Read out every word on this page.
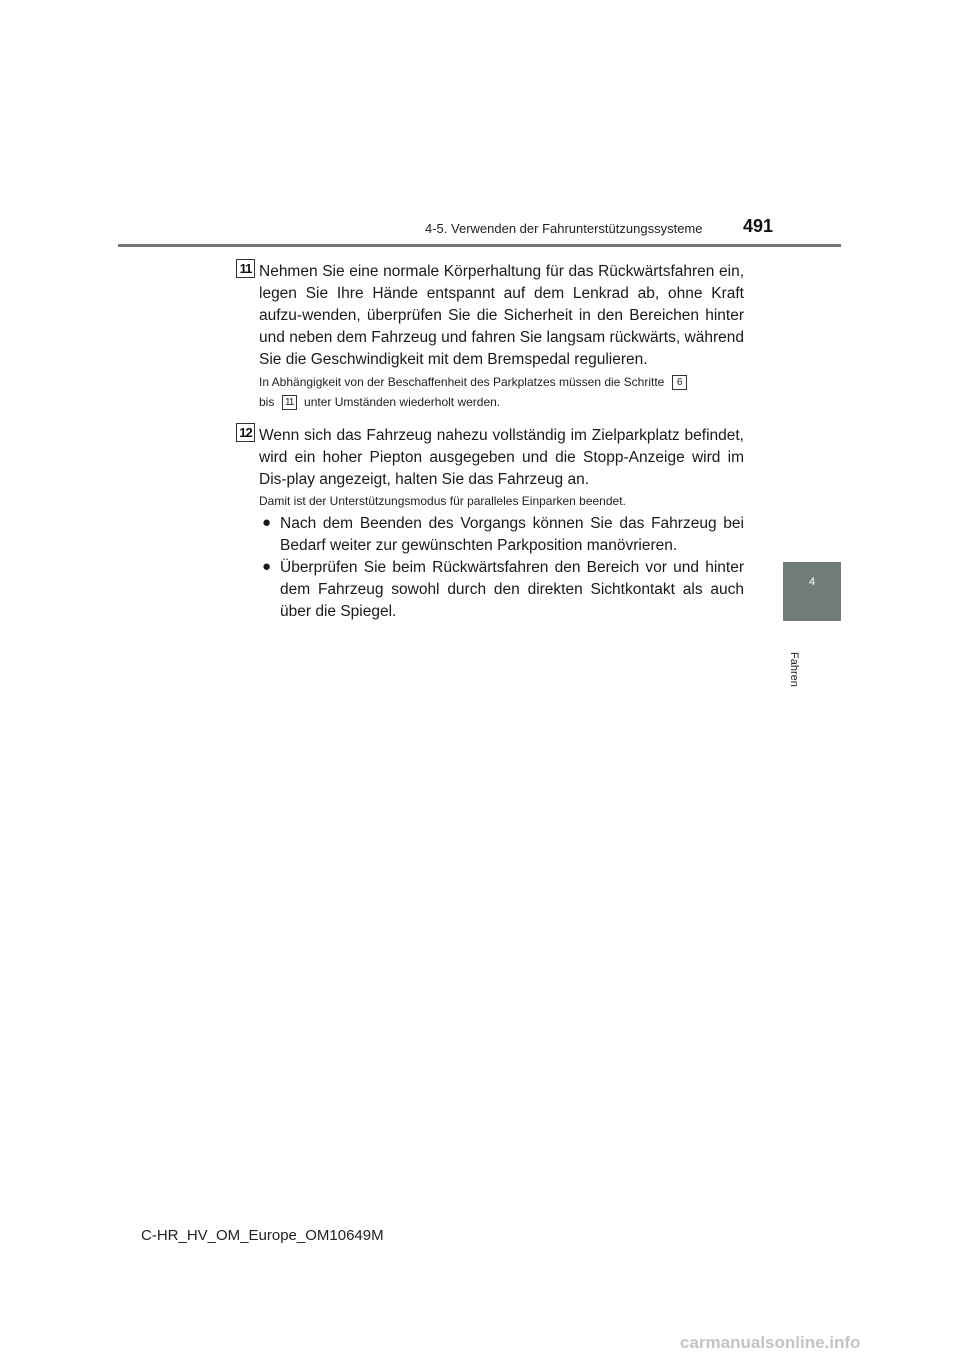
4-5. Verwenden der Fahrunterstützungssysteme 491
4
Fahren
11 Nehmen Sie eine normale Körperhaltung für das Rückwärtsfahren ein, legen Sie Ihre Hände entspannt auf dem Lenkrad ab, ohne Kraft aufzu-wenden, überprüfen Sie die Sicherheit in den Bereichen hinter und neben dem Fahrzeug und fahren Sie langsam rückwärts, während Sie die Geschwindigkeit mit dem Bremspedal regulieren.
In Abhängigkeit von der Beschaffenheit des Parkplatzes müssen die Schritte 6
bis 11 unter Umständen wiederholt werden.
12 Wenn sich das Fahrzeug nahezu vollständig im Zielparkplatz befindet, wird ein hoher Piepton ausgegeben und die Stopp-Anzeige wird im Dis-play angezeigt, halten Sie das Fahrzeug an.
Damit ist der Unterstützungsmodus für paralleles Einparken beendet.
● Nach dem Beenden des Vorgangs können Sie das Fahrzeug bei Bedarf weiter zur gewünschten Parkposition manövrieren.
● Überprüfen Sie beim Rückwärtsfahren den Bereich vor und hinter dem Fahrzeug sowohl durch den direkten Sichtkontakt als auch über die Spiegel.
C-HR_HV_OM_Europe_OM10649M
carmanualsonline.info
